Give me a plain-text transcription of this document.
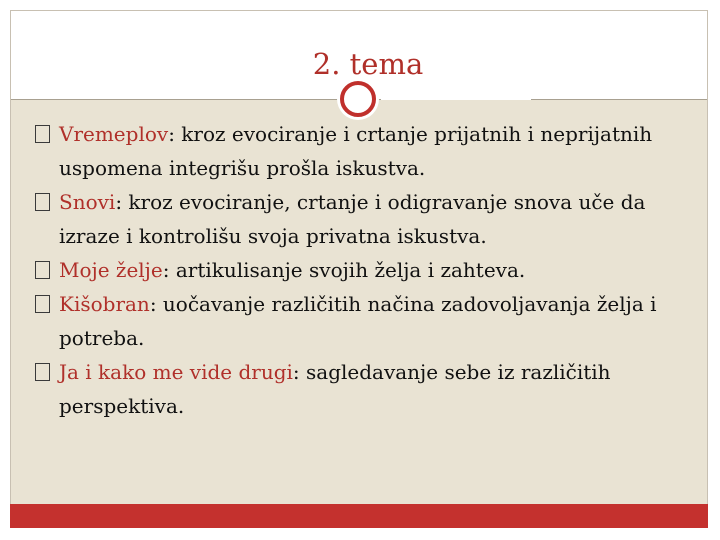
2. tema
Vremeplov: kroz evociranje i crtanje prijatnih i neprijatnih uspomena integrišu prošla iskustva.
Snovi: kroz evociranje, crtanje i odigravanje snova uče da izraze i kontrolišu svoja privatna iskustva.
Moje želje: artikulisanje svojih želja i zahteva.
Kišobran: uočavanje različitih načina zadovoljavanja želja i potreba.
Ja i kako me vide drugi: sagledavanje sebe iz različitih perspektiva.
